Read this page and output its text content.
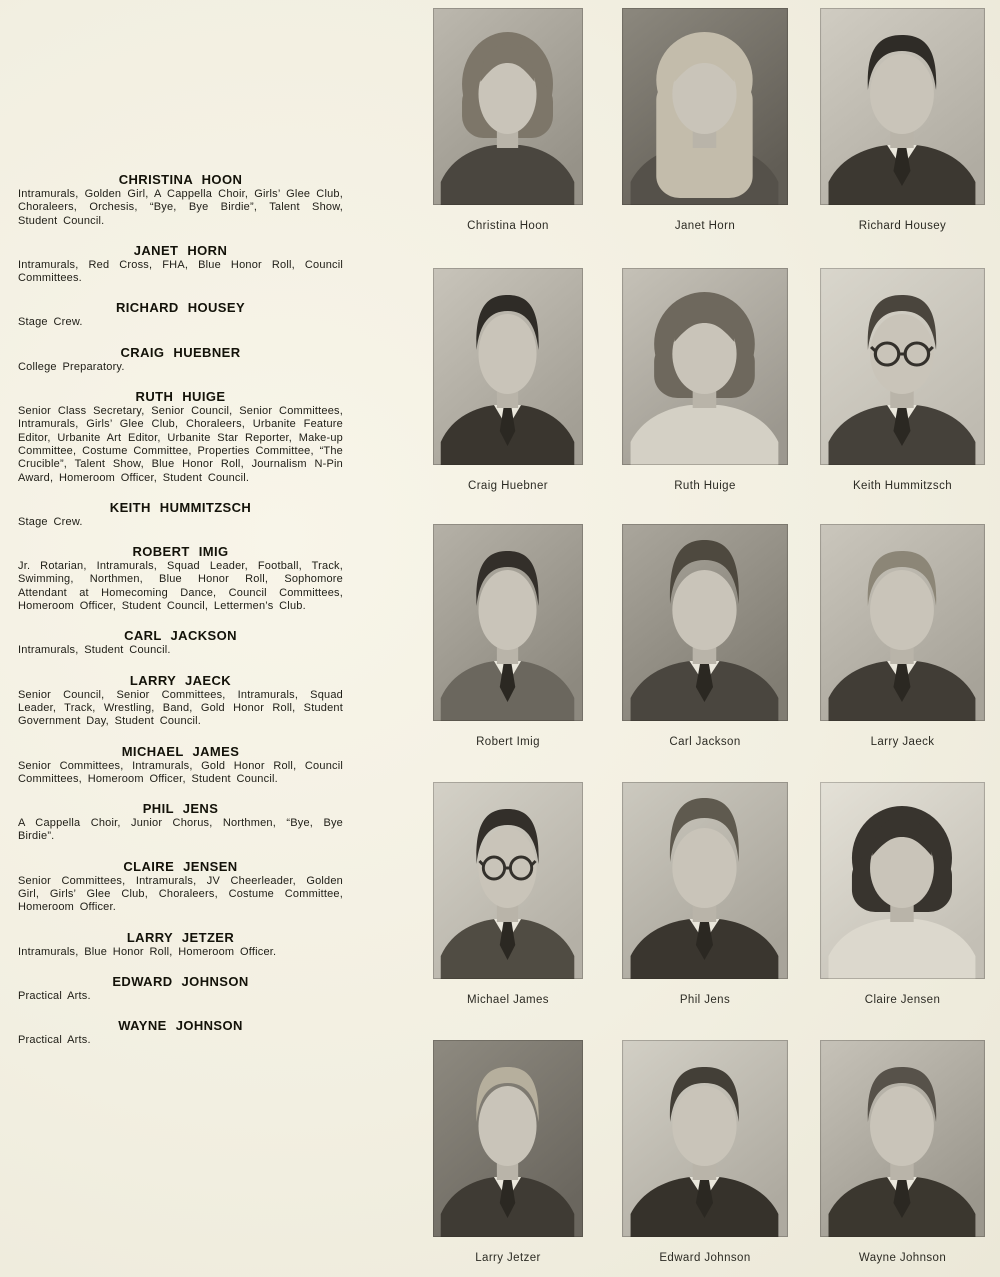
CHRISTINA HOON
Intramurals, Golden Girl, A Cappella Choir, Girls’ Glee Club, Choraleers, Orchesis, “Bye, Bye Birdie”, Talent Show, Student Council.
JANET HORN
Intramurals, Red Cross, FHA, Blue Honor Roll, Council Committees.
RICHARD HOUSEY
Stage Crew.
CRAIG HUEBNER
College Preparatory.
RUTH HUIGE
Senior Class Secretary, Senior Council, Senior Committees, Intramurals, Girls’ Glee Club, Choraleers, Urbanite Feature Editor, Urbanite Art Editor, Urbanite Star Reporter, Make-up Committee, Costume Committee, Properties Committee, “The Crucible”, Talent Show, Blue Honor Roll, Journalism N-Pin Award, Homeroom Officer, Student Council.
KEITH HUMMITZSCH
Stage Crew.
ROBERT IMIG
Jr. Rotarian, Intramurals, Squad Leader, Football, Track, Swimming, Northmen, Blue Honor Roll, Sophomore Attendant at Homecoming Dance, Council Committees, Homeroom Officer, Student Council, Lettermen’s Club.
CARL JACKSON
Intramurals, Student Council.
LARRY JAECK
Senior Council, Senior Committees, Intramurals, Squad Leader, Track, Wrestling, Band, Gold Honor Roll, Student Government Day, Student Council.
MICHAEL JAMES
Senior Committees, Intramurals, Gold Honor Roll, Council Committees, Homeroom Officer, Student Council.
PHIL JENS
A Cappella Choir, Junior Chorus, Northmen, “Bye, Bye Birdie”.
CLAIRE JENSEN
Senior Committees, Intramurals, JV Cheerleader, Golden Girl, Girls’ Glee Club, Choraleers, Costume Committee, Homeroom Officer.
LARRY JETZER
Intramurals, Blue Honor Roll, Homeroom Officer.
EDWARD JOHNSON
Practical Arts.
WAYNE JOHNSON
Practical Arts.
Christina Hoon	Janet Horn	Richard Housey
Craig Huebner	Ruth Huige	Keith Hummitzsch
Robert Imig	Carl Jackson	Larry Jaeck
Michael James	Phil Jens	Claire Jensen
Larry Jetzer	Edward Johnson	Wayne Johnson
